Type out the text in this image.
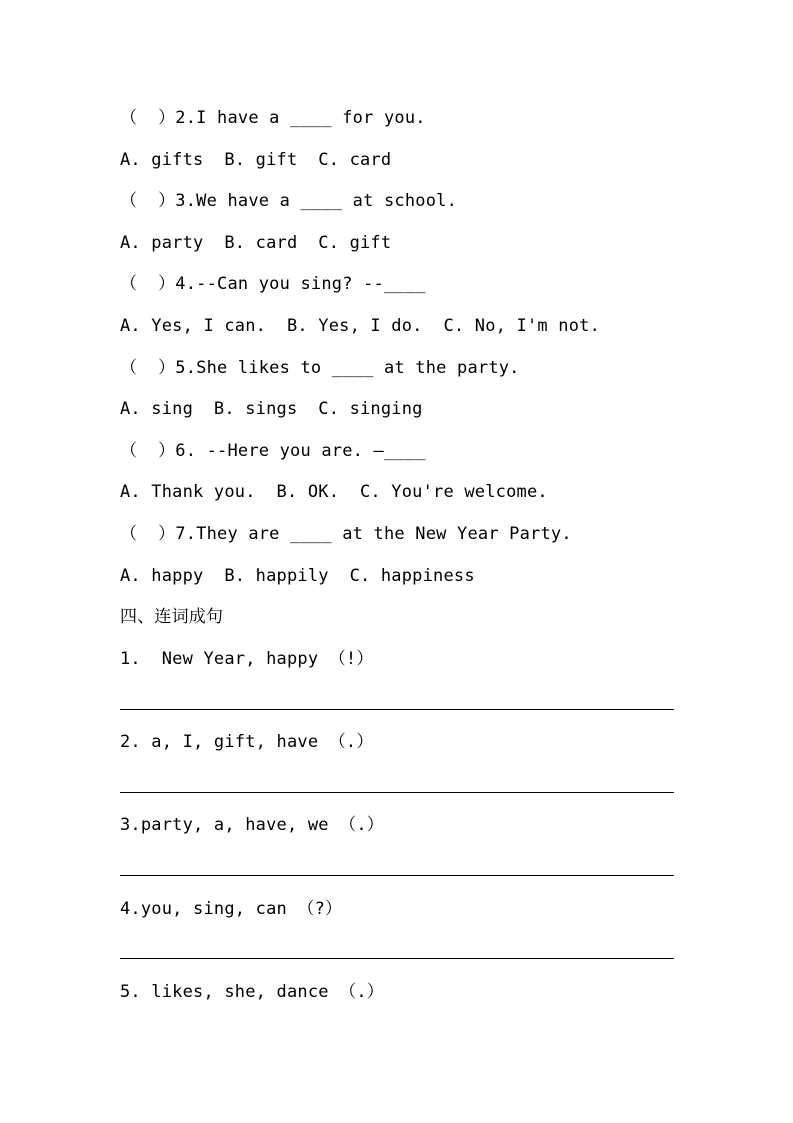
（  ）2.I have a ____ for you.
A. gifts  B. gift  C. card
（  ）3.We have a ____ at school.
A. party  B. card  C. gift
（  ）4.--Can you sing? --____
A. Yes, I can.  B. Yes, I do.  C. No, I'm not.
（  ）5.She likes to ____ at the party.
A. sing  B. sings  C. singing
（  ）6. --Here you are. —____
A. Thank you.  B. OK.  C. You're welcome.
（  ）7.They are ____ at the New Year Party.
A. happy  B. happily  C. happiness
四、连词成句
1.  New Year, happy （!）
2. a, I, gift, have （.）
3.party, a, have, we （.）
4.you, sing, can （?）
5. likes, she, dance （.）
